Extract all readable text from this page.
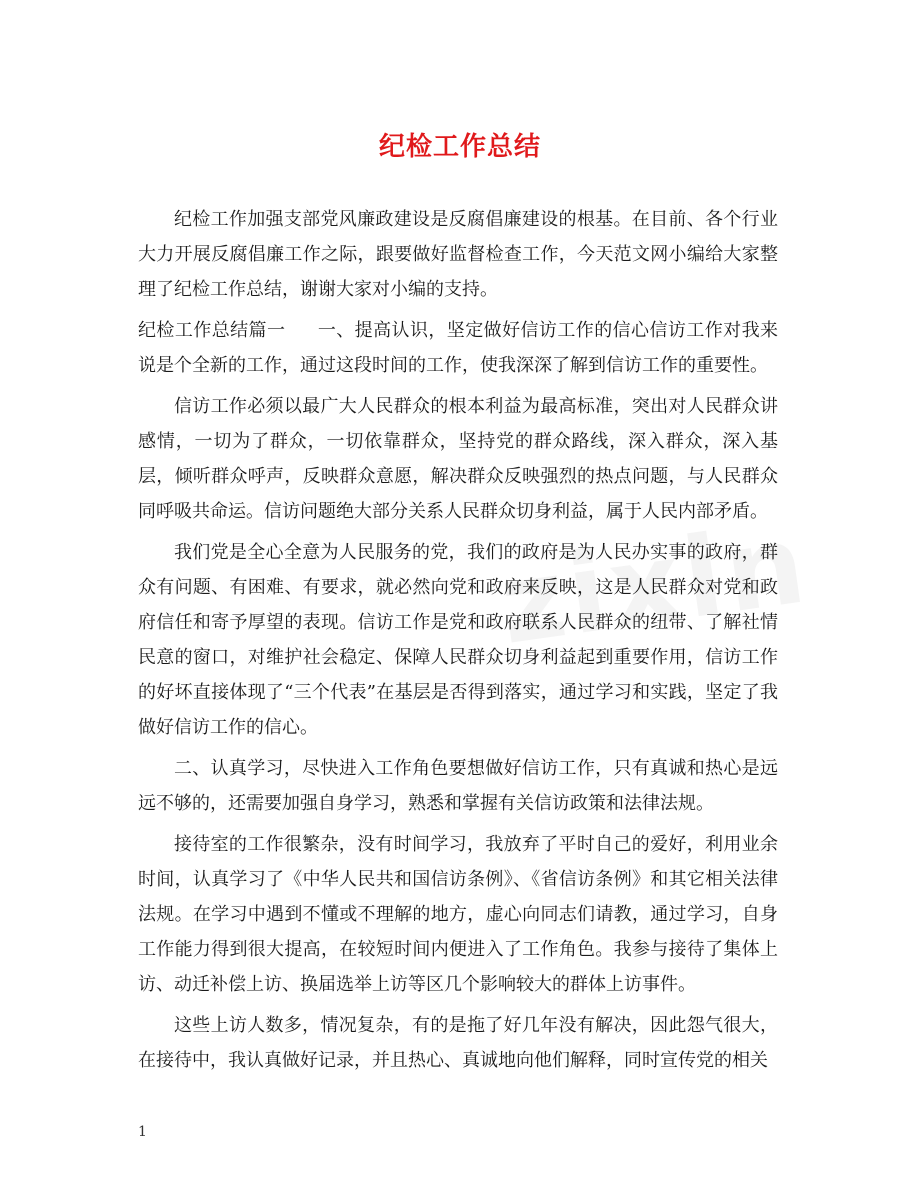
纪检工作总结

纪检工作加强支部党风廉政建设是反腐倡廉建设的根基。在目前、各个行业大力开展反腐倡廉工作之际，跟要做好监督检查工作，今天范文网小编给大家整理了纪检工作总结，谢谢大家对小编的支持。

纪检工作总结篇一 一、提高认识，坚定做好信访工作的信心信访工作对我来说是个全新的工作，通过这段时间的工作，使我深深了解到信访工作的重要性。

信访工作必须以最广大人民群众的根本利益为最高标准，突出对人民群众讲感情，一切为了群众，一切依靠群众，坚持党的群众路线，深入群众，深入基层，倾听群众呼声，反映群众意愿，解决群众反映强烈的热点问题，与人民群众同呼吸共命运。信访问题绝大部分关系人民群众切身利益，属于人民内部矛盾。

我们党是全心全意为人民服务的党，我们的政府是为人民办实事的政府，群众有问题、有困难、有要求，就必然向党和政府来反映，这是人民群众对党和政府信任和寄予厚望的表现。信访工作是党和政府联系人民群众的纽带、了解社情民意的窗口，对维护社会稳定、保障人民群众切身利益起到重要作用，信访工作的好坏直接体现了“三个代表”在基层是否得到落实，通过学习和实践，坚定了我做好信访工作的信心。

二、认真学习，尽快进入工作角色要想做好信访工作，只有真诚和热心是远远不够的，还需要加强自身学习，熟悉和掌握有关信访政策和法律法规。

接待室的工作很繁杂，没有时间学习，我放弃了平时自己的爱好，利用业余时间，认真学习了《中华人民共和国信访条例》、《省信访条例》和其它相关法律法规。在学习中遇到不懂或不理解的地方，虚心向同志们请教，通过学习，自身工作能力得到很大提高，在较短时间内便进入了工作角色。我参与接待了集体上访、动迁补偿上访、换届选举上访等区几个影响较大的群体上访事件。

这些上访人数多，情况复杂，有的是拖了好几年没有解决，因此怨气很大，在接待中，我认真做好记录，并且热心、真诚地向他们解释，同时宣传党的相关

1
